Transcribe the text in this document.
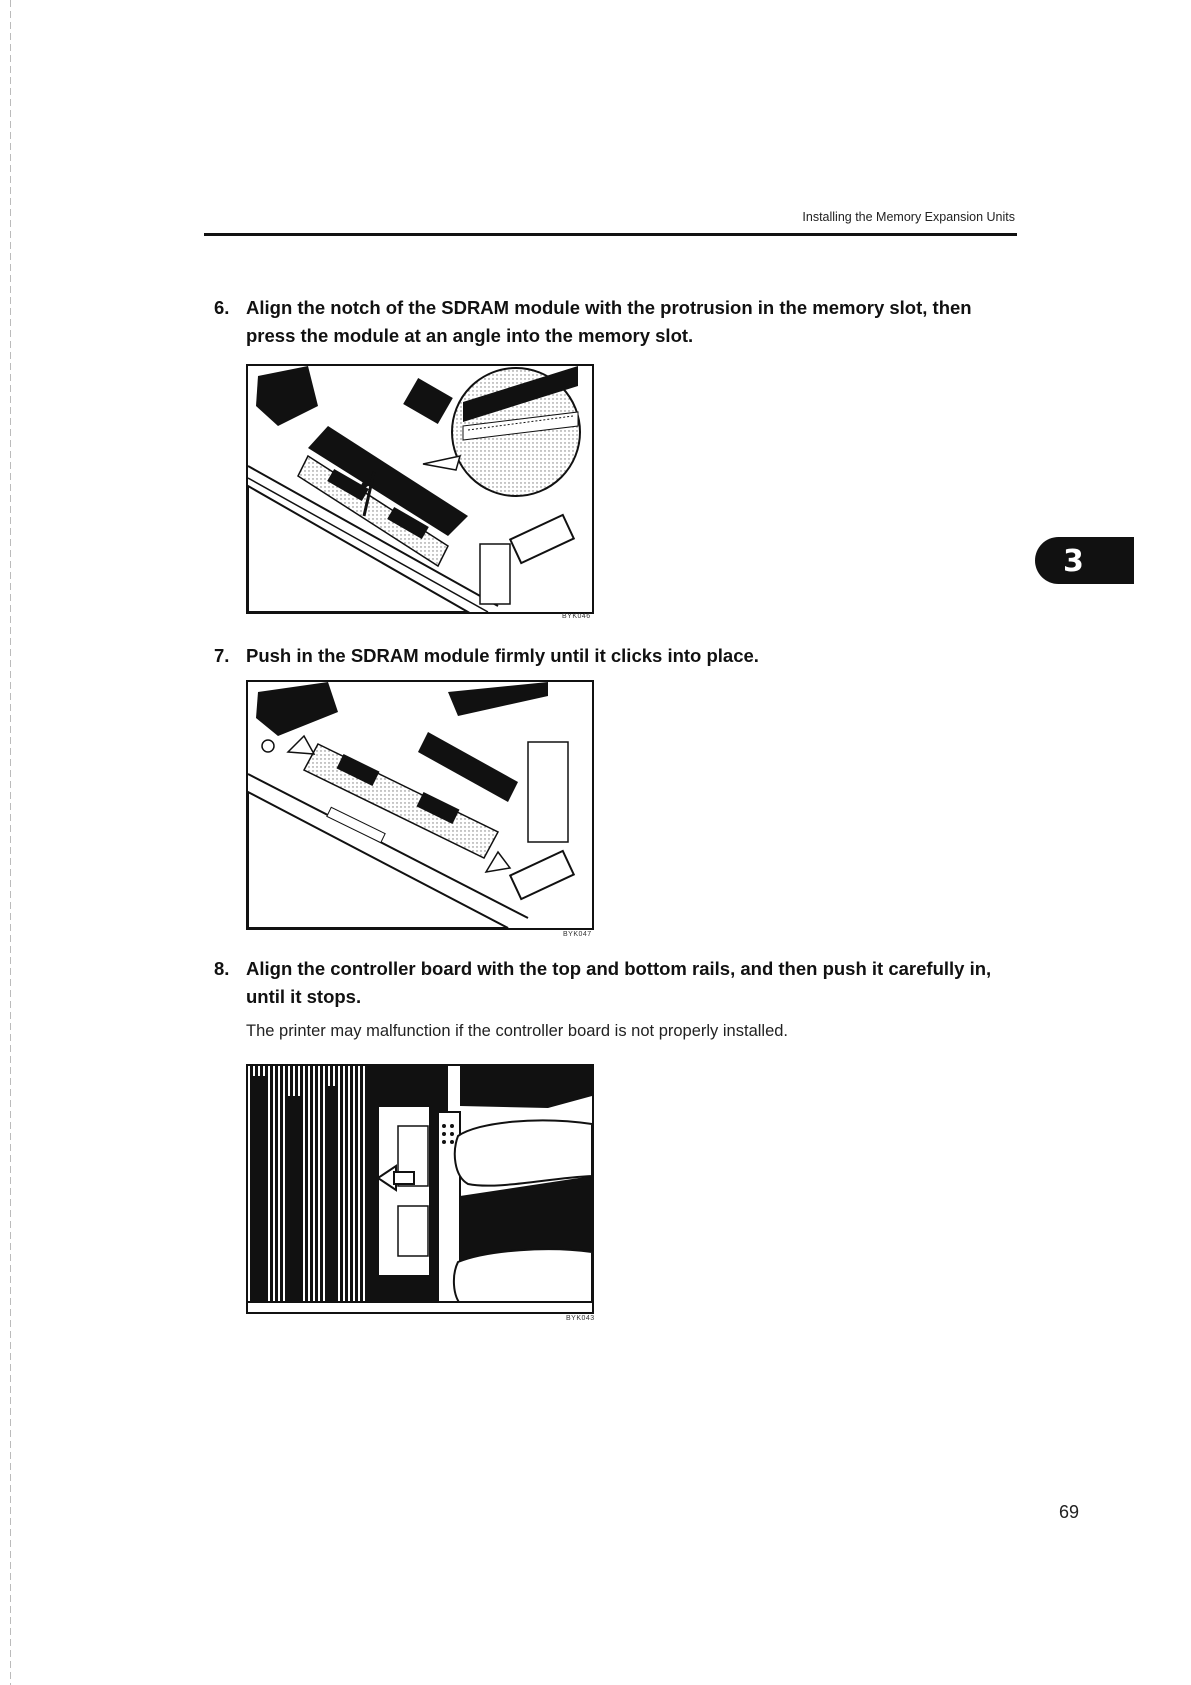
Installing the Memory Expansion Units
6. Align the notch of the SDRAM module with the protrusion in the memory slot, then press the module at an angle into the memory slot.
BYK046
7. Push in the SDRAM module firmly until it clicks into place.
BYK047
8. Align the controller board with the top and bottom rails, and then push it carefully in, until it stops.
The printer may malfunction if the controller board is not properly installed.
BYK043
3
69
